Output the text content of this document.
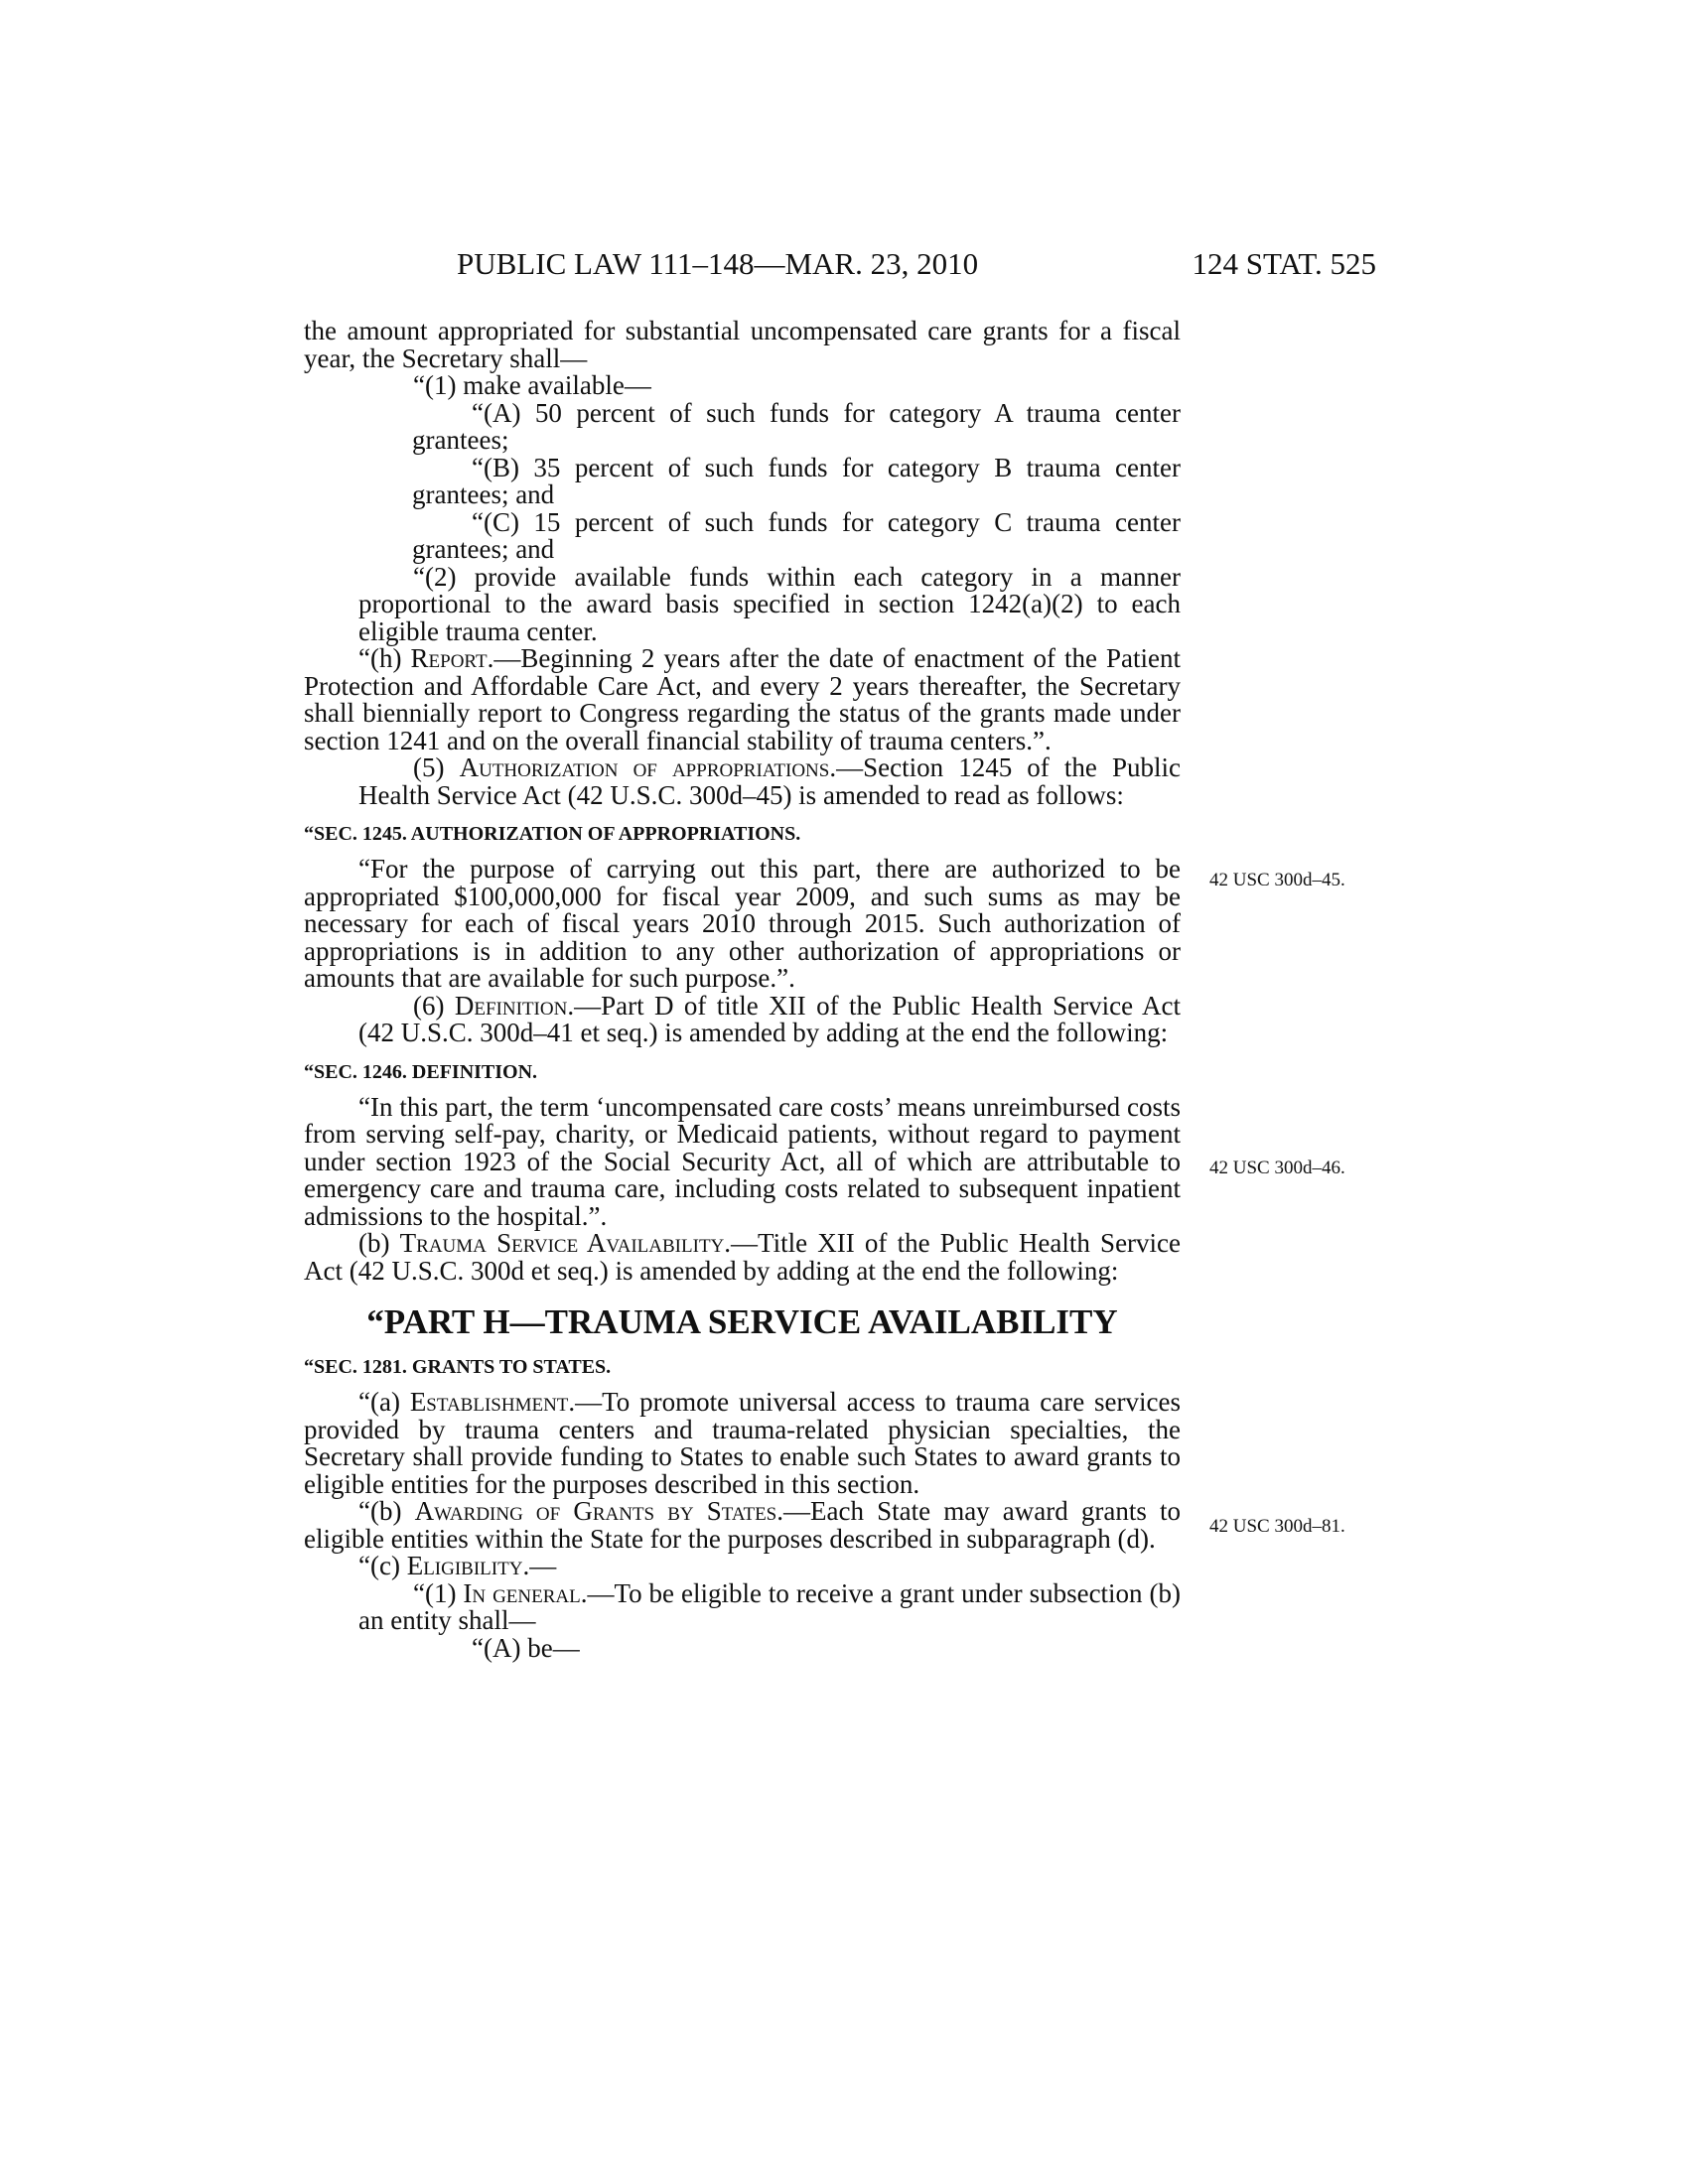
PUBLIC LAW 111–148—MAR. 23, 2010	124 STAT. 525
42 USC 300d–45.
42 USC 300d–46.
42 USC 300d–81.

the amount appropriated for substantial uncompensated care grants for a fiscal year, the Secretary shall—

“(1) make available—

“(A) 50 percent of such funds for category A trauma center grantees;

“(B) 35 percent of such funds for category B trauma center grantees; and

“(C) 15 percent of such funds for category C trauma center grantees; and

“(2) provide available funds within each category in a manner proportional to the award basis specified in section 1242(a)(2) to each eligible trauma center.

“(h) Report.—Beginning 2 years after the date of enactment of the Patient Protection and Affordable Care Act, and every 2 years thereafter, the Secretary shall biennially report to Congress regarding the status of the grants made under section 1241 and on the overall financial stability of trauma centers.”.

(5) Authorization of appropriations.—Section 1245 of the Public Health Service Act (42 U.S.C. 300d–45) is amended to read as follows:

“SEC. 1245. AUTHORIZATION OF APPROPRIATIONS.

“For the purpose of carrying out this part, there are authorized to be appropriated $100,000,000 for fiscal year 2009, and such sums as may be necessary for each of fiscal years 2010 through 2015. Such authorization of appropriations is in addition to any other authorization of appropriations or amounts that are available for such purpose.”.

(6) Definition.—Part D of title XII of the Public Health Service Act (42 U.S.C. 300d–41 et seq.) is amended by adding at the end the following:

“SEC. 1246. DEFINITION.

“In this part, the term ‘uncompensated care costs’ means unreimbursed costs from serving self-pay, charity, or Medicaid patients, without regard to payment under section 1923 of the Social Security Act, all of which are attributable to emergency care and trauma care, including costs related to subsequent inpatient admissions to the hospital.”.

(b) Trauma Service Availability.—Title XII of the Public Health Service Act (42 U.S.C. 300d et seq.) is amended by adding at the end the following:

“PART H—TRAUMA SERVICE AVAILABILITY
“SEC. 1281. GRANTS TO STATES.

“(a) Establishment.—To promote universal access to trauma care services provided by trauma centers and trauma-related physician specialties, the Secretary shall provide funding to States to enable such States to award grants to eligible entities for the purposes described in this section.

“(b) Awarding of Grants by States.—Each State may award grants to eligible entities within the State for the purposes described in subparagraph (d).

“(c) Eligibility.—

“(1) In general.—To be eligible to receive a grant under subsection (b) an entity shall—

“(A) be—
